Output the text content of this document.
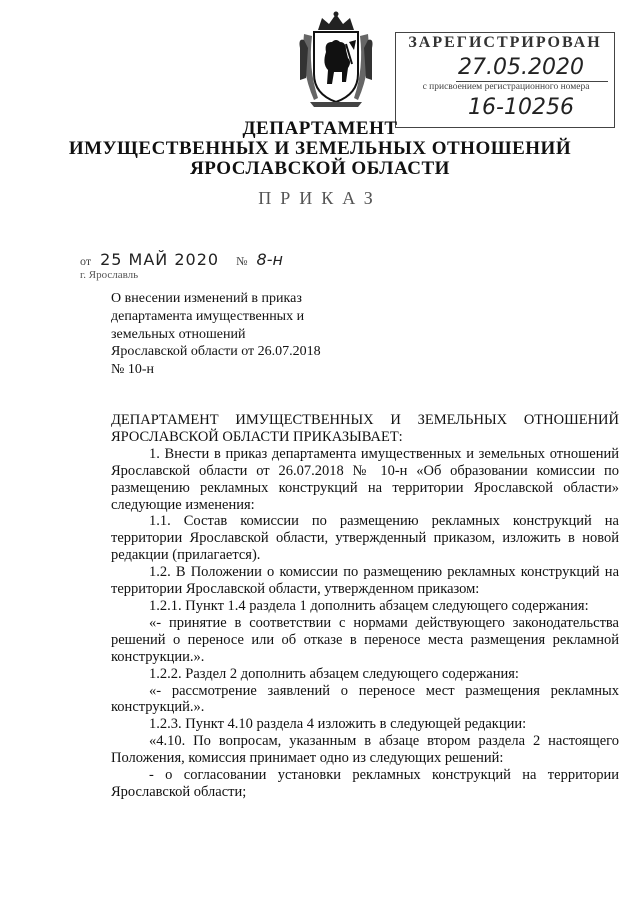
ЗАРЕГИСТРИРОВАН
27.05.2020
с присвоением регистрационного номера
16-10256
ДЕПАРТАМЕНТ
ИМУЩЕСТВЕННЫХ И ЗЕМЕЛЬНЫХ ОТНОШЕНИЙ
ЯРОСЛАВСКОЙ ОБЛАСТИ
ПРИКАЗ
от 25 МАЙ 2020 № 8-н
г. Ярославль
О внесении изменений в приказ
департамента имущественных и
земельных отношений
Ярославской области от 26.07.2018
№ 10-н

ДЕПАРТАМЕНТ ИМУЩЕСТВЕННЫХ И ЗЕМЕЛЬНЫХ ОТНОШЕНИЙ ЯРОСЛАВСКОЙ ОБЛАСТИ ПРИКАЗЫВАЕТ:

1. Внести в приказ департамента имущественных и земельных отношений Ярославской области от 26.07.2018 № 10-н «Об образовании комиссии по размещению рекламных конструкций на территории Ярославской области» следующие изменения:

1.1. Состав комиссии по размещению рекламных конструкций на территории Ярославской области, утвержденный приказом, изложить в новой редакции (прилагается).

1.2. В Положении о комиссии по размещению рекламных конструкций на территории Ярославской области, утвержденном приказом:

1.2.1. Пункт 1.4 раздела 1 дополнить абзацем следующего содержания:

«- принятие в соответствии с нормами действующего законодательства решений о переносе или об отказе в переносе места размещения рекламной конструкции.».

1.2.2. Раздел 2 дополнить абзацем следующего содержания:

«- рассмотрение заявлений о переносе мест размещения рекламных конструкций.».

1.2.3. Пункт 4.10 раздела 4 изложить в следующей редакции:

«4.10. По вопросам, указанным в абзаце втором раздела 2 настоящего Положения, комиссия принимает одно из следующих решений:

- о согласовании установки рекламных конструкций на территории Ярославской области;
